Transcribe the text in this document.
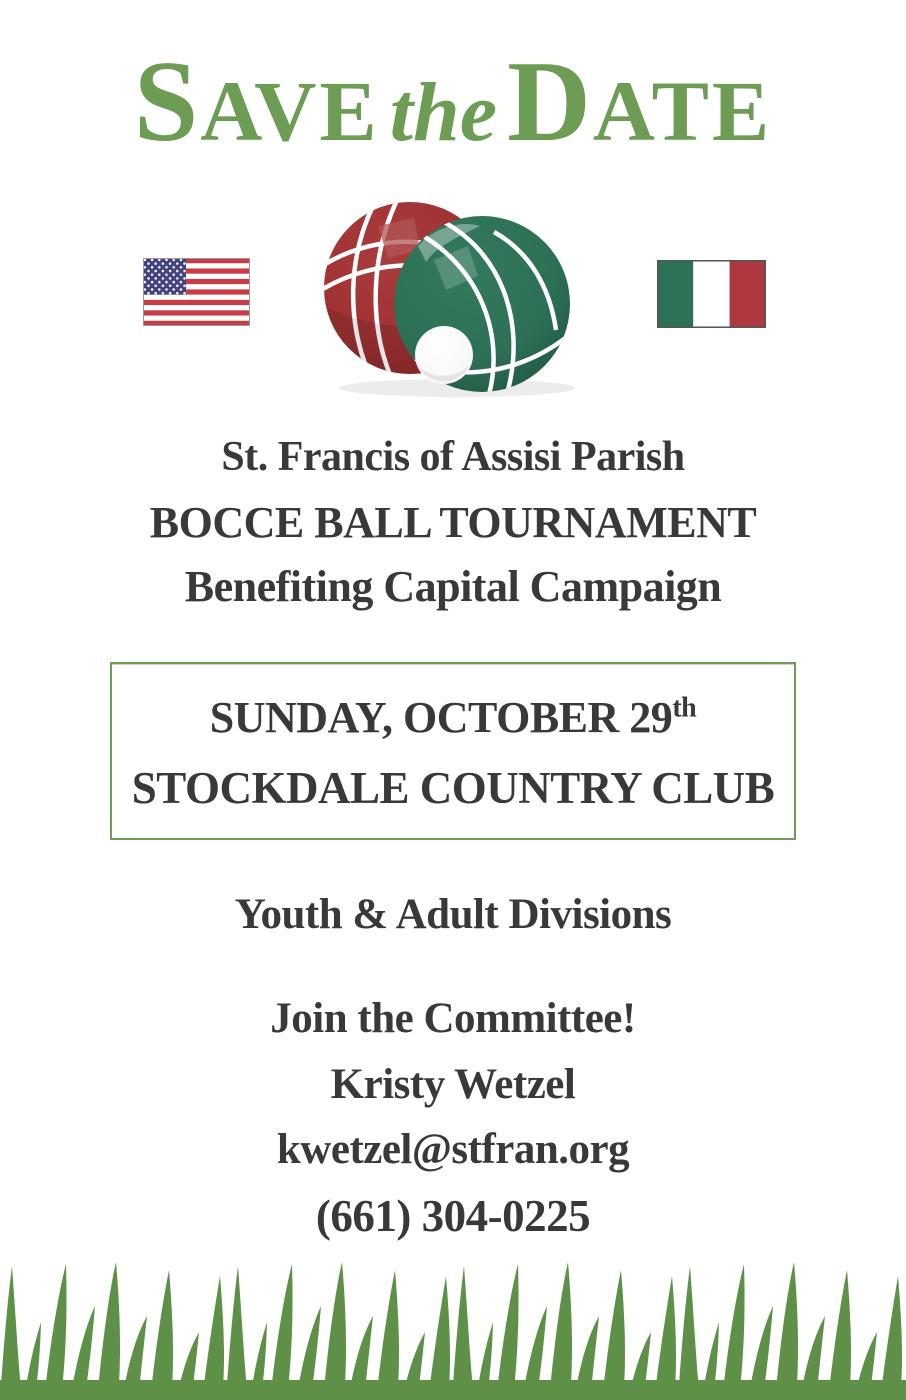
SAVE theDATE
St. Francis of Assisi Parish
BOCCE BALL TOURNAMENT
Benefiting Capital Campaign
SUNDAY, OCTOBER 29th
STOCKDALE COUNTRY CLUB
Youth & Adult Divisions
Join the Committee!
Kristy Wetzel
kwetzel@stfran.org
(661) 304-0225
